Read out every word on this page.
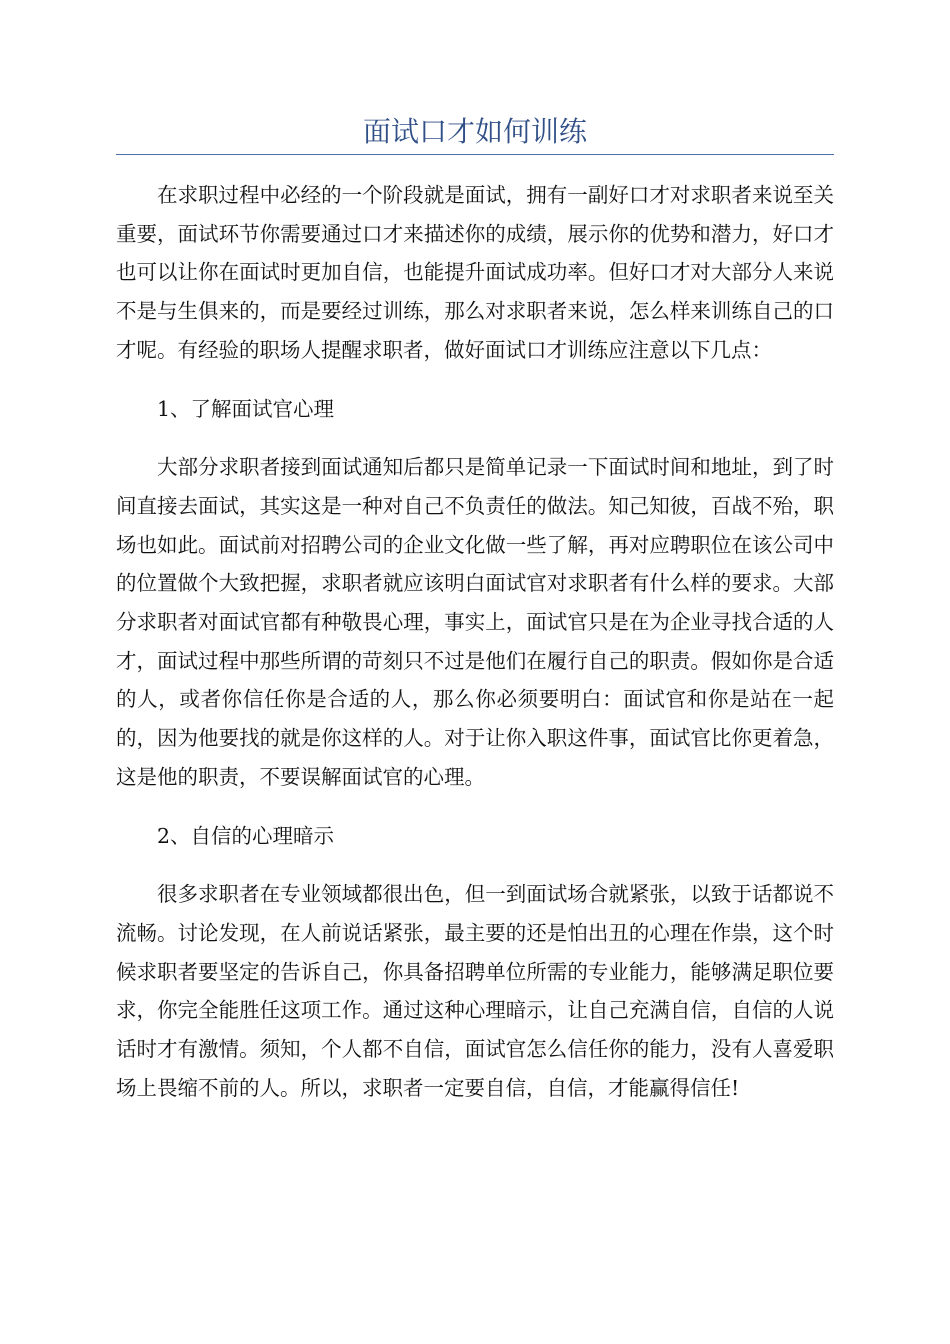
面试口才如何训练

在求职过程中必经的一个阶段就是面试，拥有一副好口才对求职者来说至关重要，面试环节你需要通过口才来描述你的成绩，展示你的优势和潜力，好口才也可以让你在面试时更加自信，也能提升面试成功率。但好口才对大部分人来说不是与生俱来的，而是要经过训练，那么对求职者来说，怎么样来训练自己的口才呢。有经验的职场人提醒求职者，做好面试口才训练应注意以下几点：

1、了解面试官心理

大部分求职者接到面试通知后都只是简单记录一下面试时间和地址，到了时间直接去面试，其实这是一种对自己不负责任的做法。知己知彼，百战不殆，职场也如此。面试前对招聘公司的企业文化做一些了解，再对应聘职位在该公司中的位置做个大致把握，求职者就应该明白面试官对求职者有什么样的要求。大部分求职者对面试官都有种敬畏心理，事实上，面试官只是在为企业寻找合适的人才，面试过程中那些所谓的苛刻只不过是他们在履行自己的职责。假如你是合适的人，或者你信任你是合适的人，那么你必须要明白：面试官和你是站在一起的，因为他要找的就是你这样的人。对于让你入职这件事，面试官比你更着急，这是他的职责，不要误解面试官的心理。

2、自信的心理暗示

很多求职者在专业领域都很出色，但一到面试场合就紧张，以致于话都说不流畅。讨论发现，在人前说话紧张，最主要的还是怕出丑的心理在作祟，这个时候求职者要坚定的告诉自己，你具备招聘单位所需的专业能力，能够满足职位要求，你完全能胜任这项工作。通过这种心理暗示，让自己充满自信，自信的人说话时才有激情。须知，个人都不自信，面试官怎么信任你的能力，没有人喜爱职场上畏缩不前的人。所以，求职者一定要自信，自信，才能赢得信任!
